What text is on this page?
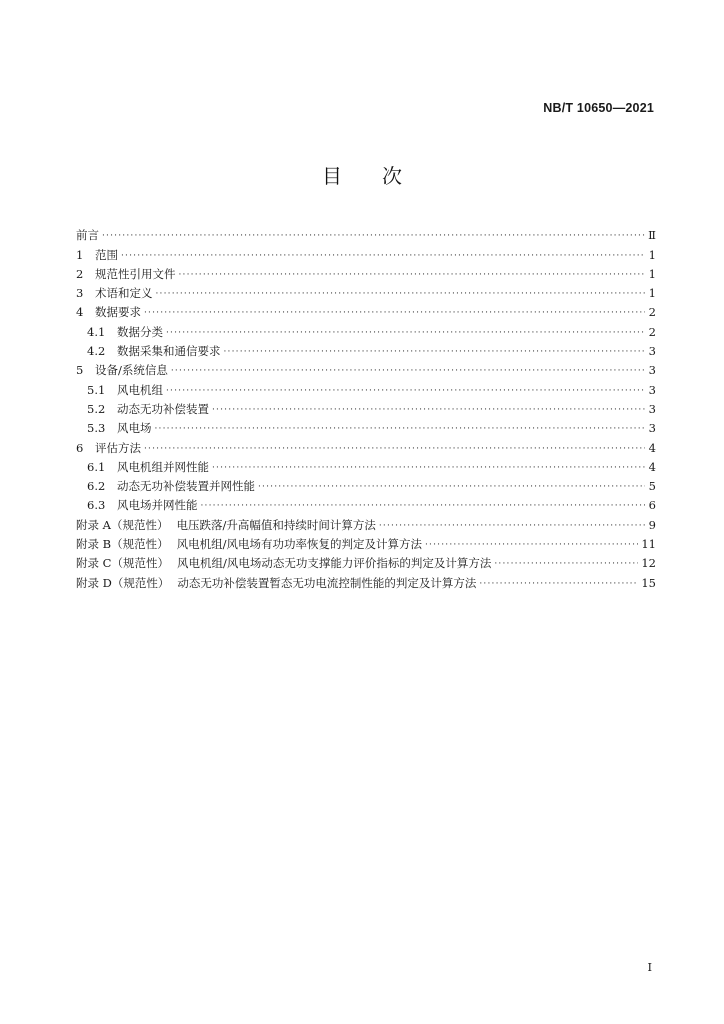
NB/T 10650—2021
目次
前言 ·····	Ⅱ
1	范围 ·····	1
2	规范性引用文件 ·····	1
3	术语和定义 ·····	1
4	数据要求 ·····	2
4.1	数据分类 ·····	2
4.2	数据采集和通信要求 ·····	3
5	设备/系统信息 ·····	3
5.1	风电机组 ·····	3
5.2	动态无功补偿装置 ·····	3
5.3	风电场 ·····	3
6	评估方法 ·····	4
6.1	风电机组并网性能 ·····	4
6.2	动态无功补偿装置并网性能 ·····	5
6.3	风电场并网性能 ·····	6
附录 A（规范性） 电压跌落/升高幅值和持续时间计算方法 ·····	9
附录 B（规范性） 风电机组/风电场有功功率恢复的判定及计算方法 ·····	11
附录 C（规范性） 风电机组/风电场动态无功支撑能力评价指标的判定及计算方法 ·····	12
附录 D（规范性） 动态无功补偿装置暂态无功电流控制性能的判定及计算方法 ·····	15
I
